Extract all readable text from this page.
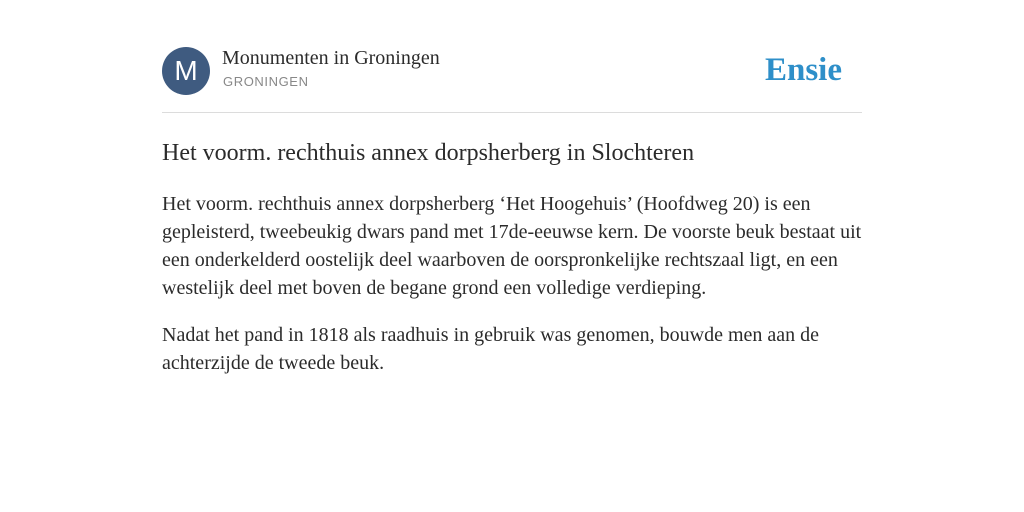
M	Monumenten in Groningen
GRONINGEN	Ensie
Het voorm. rechthuis annex dorpsherberg in Slochteren

Het voorm. rechthuis annex dorpsherberg ‘Het Hoogehuis’ (Hoofdweg 20) is een gepleisterd, tweebeukig dwars pand met 17de-eeuwse kern. De voorste beuk bestaat uit een onderkelderd oostelijk deel waarboven de oorspronkelijke rechtszaal ligt, en een westelijk deel met boven de begane grond een volledige verdieping.

Nadat het pand in 1818 als raadhuis in gebruik was genomen, bouwde men aan de achterzijde de tweede beuk.
